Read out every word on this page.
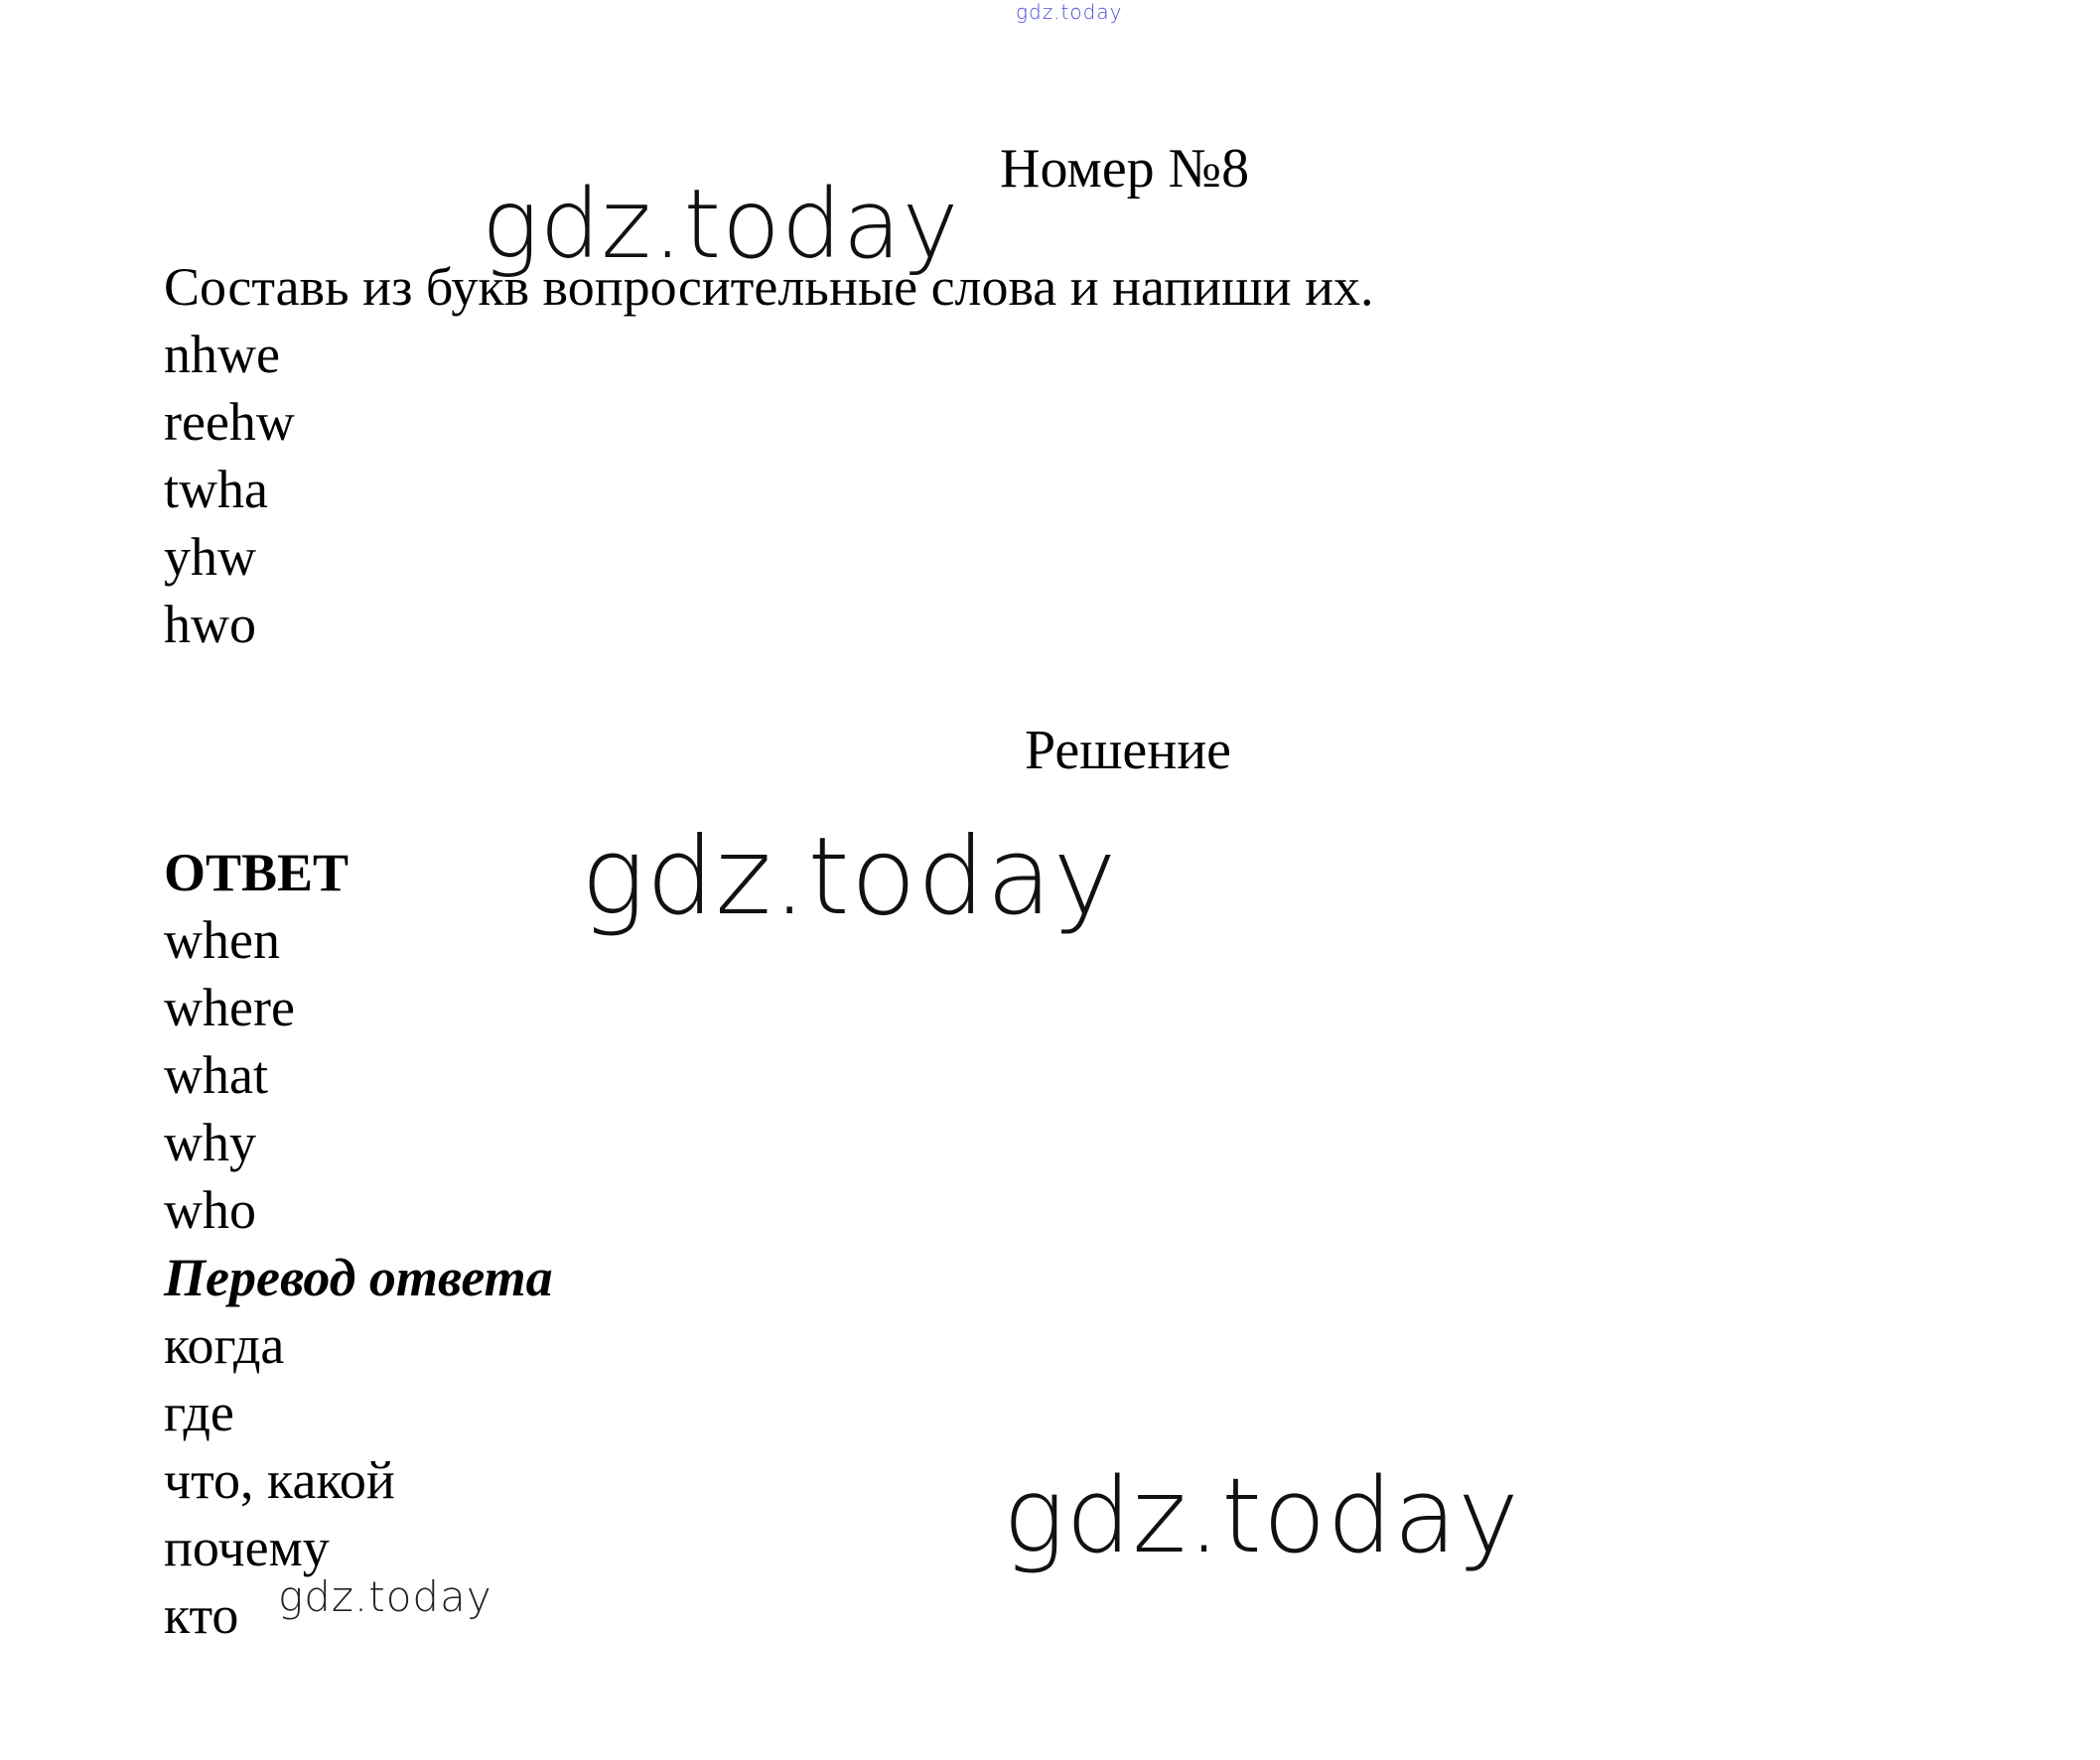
gdz.today
Номер №8
Составь из букв вопросительные слова и напиши их.
nhwe
reehw
twha
yhw
hwo
Решение
ОТВЕТ
when
where
what
why
who
Перевод ответа
когда
где
что, какой
почему
кто
gdz.today
gdz.today
gdz.today
gdz.today
